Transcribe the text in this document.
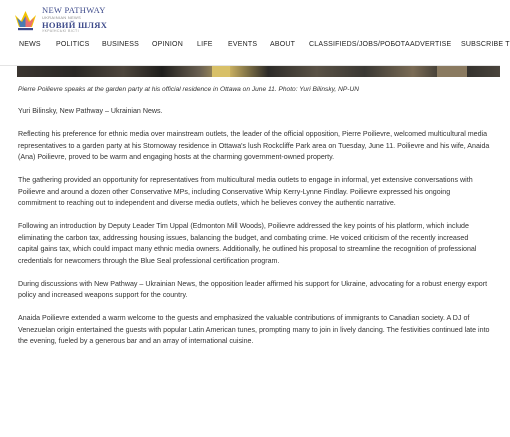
NEW PATHWAY
UKRAINIAN NEWS
НОВИЙ ШЛЯХ
УКРАЇНСЬКІ ВІСТІ
NEWS POLITICS BUSINESS OPINION LIFE EVENTS ABOUT CLASSIFIEDS/JOBS/РОБОТА ADVERTISE SUBSCRIBE T
Pierre Poilievre speaks at the garden party at his official residence in Ottawa on June 11. Photo: Yuri Bilinsky, NP-UN

Yuri Bilinsky, New Pathway – Ukrainian News.

Reflecting his preference for ethnic media over mainstream outlets, the leader of the official opposition, Pierre Poilievre, welcomed multicultural media representatives to a garden party at his Stornoway residence in Ottawa's lush Rockcliffe Park area on Tuesday, June 11. Poilievre and his wife, Anaida (Ana) Poilievre, proved to be warm and engaging hosts at the charming government-owned property.

The gathering provided an opportunity for representatives from multicultural media outlets to engage in informal, yet extensive conversations with Poilievre and around a dozen other Conservative MPs, including Conservative Whip Kerry-Lynne Findlay. Poilievre expressed his ongoing commitment to reaching out to independent and diverse media outlets, which he believes convey the authentic narrative.

Following an introduction by Deputy Leader Tim Uppal (Edmonton Mill Woods), Poilievre addressed the key points of his platform, which include eliminating the carbon tax, addressing housing issues, balancing the budget, and combating crime. He voiced criticism of the recently increased capital gains tax, which could impact many ethnic media owners. Additionally, he outlined his proposal to streamline the recognition of professional credentials for newcomers through the Blue Seal professional certification program.

During discussions with New Pathway – Ukrainian News, the opposition leader affirmed his support for Ukraine, advocating for a robust energy export policy and increased weapons support for the country.

Anaida Poilievre extended a warm welcome to the guests and emphasized the valuable contributions of immigrants to Canadian society. A DJ of Venezuelan origin entertained the guests with popular Latin American tunes, prompting many to join in lively dancing. The festivities continued late into the evening, fueled by a generous bar and an array of international cuisine.
